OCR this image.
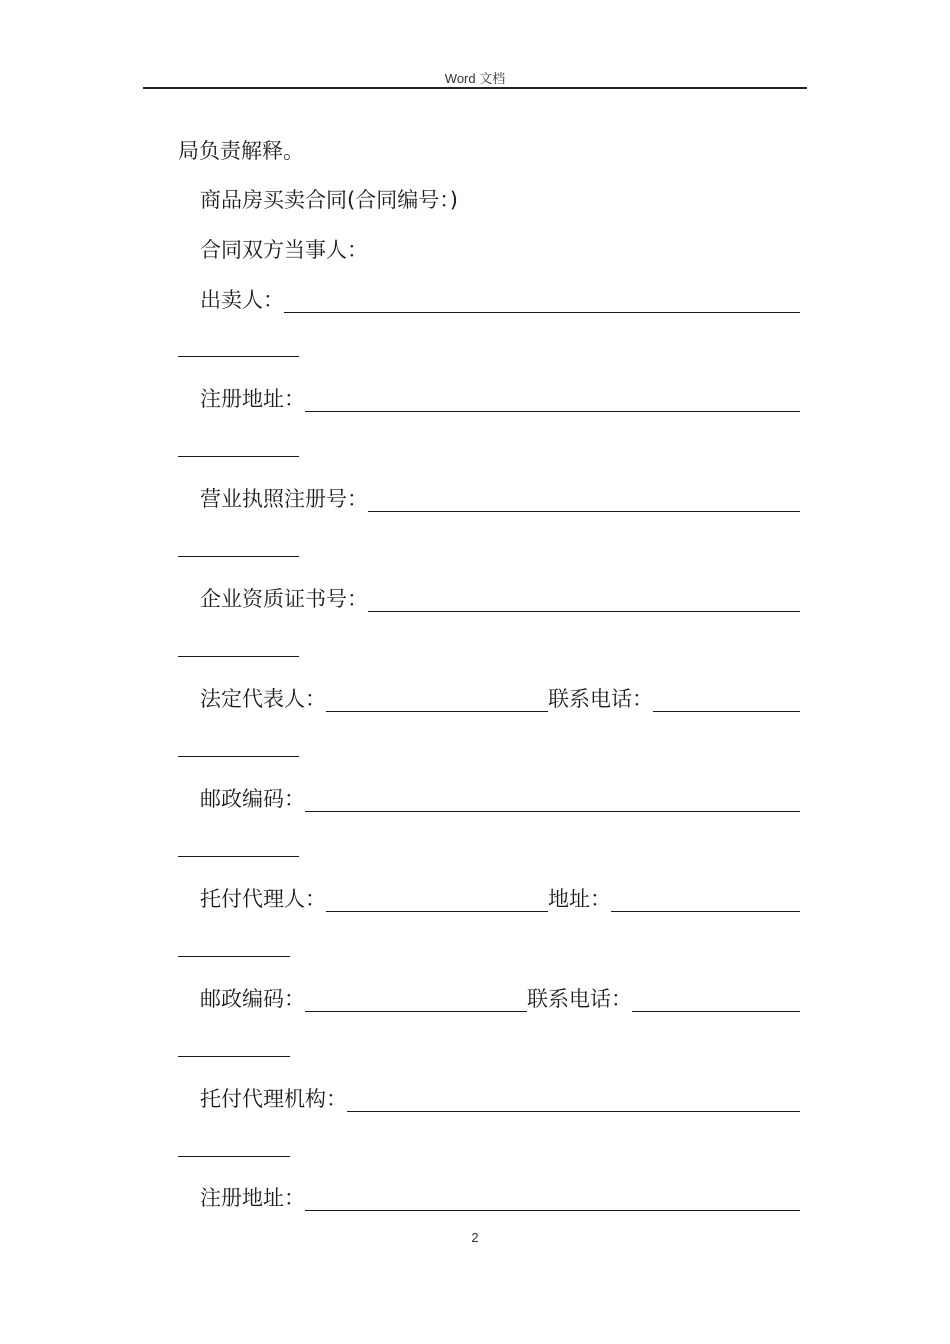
Word 文档
局负责解释。
商品房买卖合同(合同编号：)
合同双方当事人：
出卖人：
注册地址：
营业执照注册号：
企业资质证书号：
法定代表人：	联系电话：
邮政编码：
托付代理人：	地址：
邮政编码：	联系电话：
托付代理机构：
注册地址：
2
